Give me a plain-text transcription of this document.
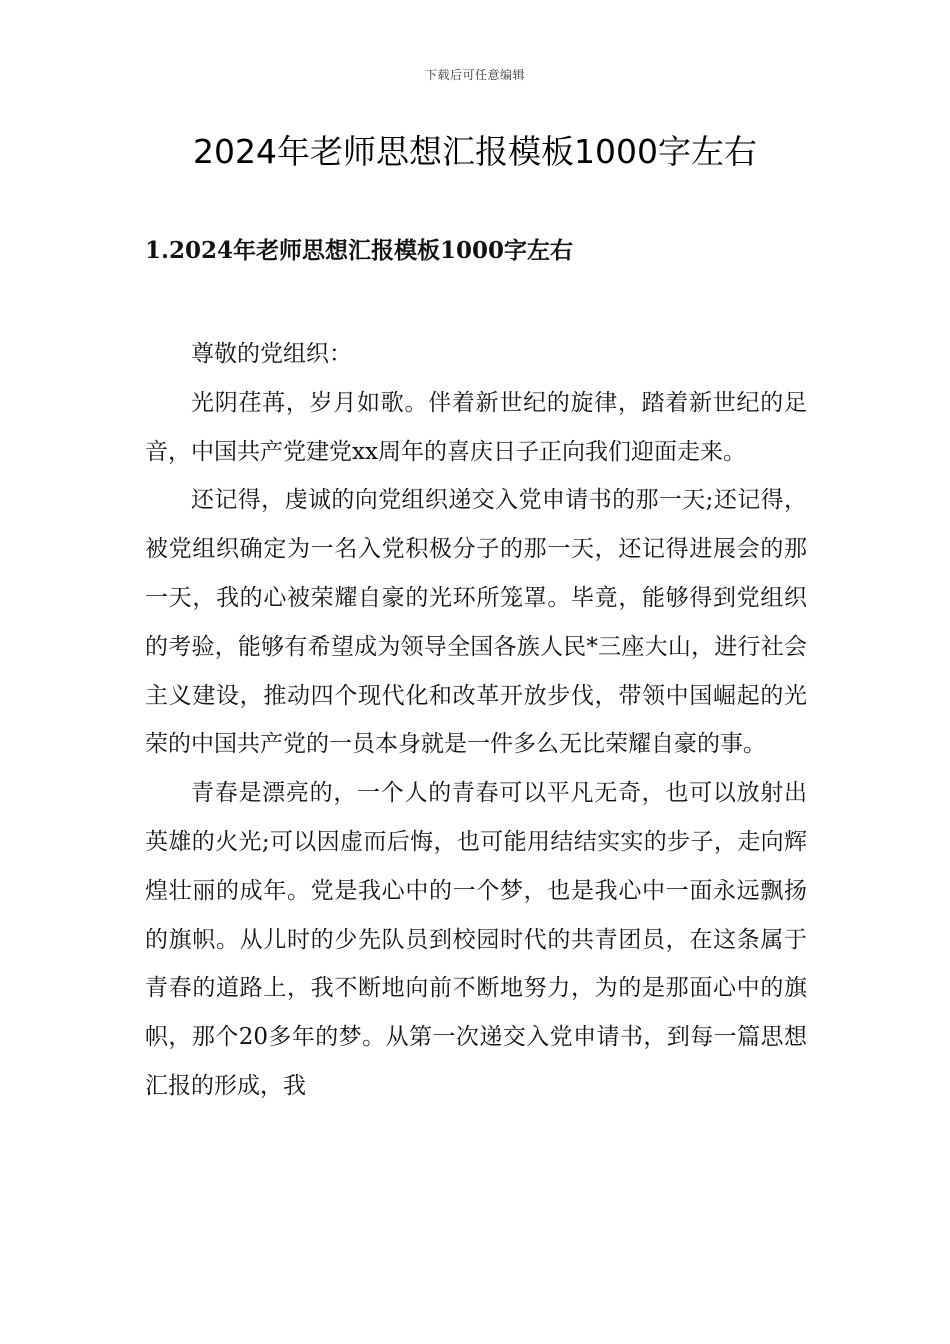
下载后可任意编辑
2024年老师思想汇报模板1000字左右
1.2024年老师思想汇报模板1000字左右

尊敬的党组织：

光阴荏苒，岁月如歌。伴着新世纪的旋律，踏着新世纪的足音，中国共产党建党xx周年的喜庆日子正向我们迎面走来。

还记得，虔诚的向党组织递交入党申请书的那一天;还记得，被党组织确定为一名入党积极分子的那一天，还记得进展会的那一天，我的心被荣耀自豪的光环所笼罩。毕竟，能够得到党组织的考验，能够有希望成为领导全国各族人民*三座大山，进行社会主义建设，推动四个现代化和改革开放步伐，带领中国崛起的光荣的中国共产党的一员本身就是一件多么无比荣耀自豪的事。

青春是漂亮的，一个人的青春可以平凡无奇，也可以放射出英雄的火光;可以因虚而后悔，也可能用结结实实的步子，走向辉煌壮丽的成年。党是我心中的一个梦，也是我心中一面永远飘扬的旗帜。从儿时的少先队员到校园时代的共青团员，在这条属于青春的道路上，我不断地向前不断地努力，为的是那面心中的旗帜，那个20多年的梦。从第一次递交入党申请书，到每一篇思想汇报的形成，我
